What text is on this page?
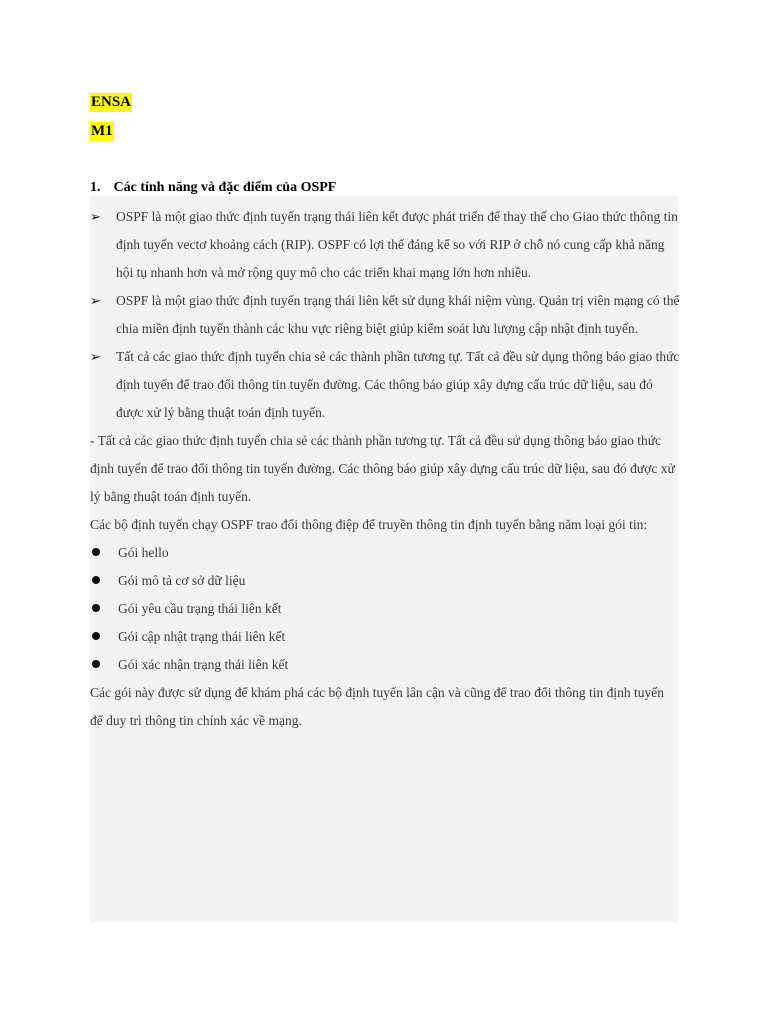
ENSA
M1
1. Các tính năng và đặc điểm của OSPF
➢ OSPF là một giao thức định tuyến trạng thái liên kết được phát triển để thay thế cho Giao thức thông tin định tuyến vectơ khoảng cách (RIP). OSPF có lợi thế đáng kể so với RIP ở chỗ nó cung cấp khả năng hội tụ nhanh hơn và mở rộng quy mô cho các triển khai mạng lớn hơn nhiều.
➢ OSPF là một giao thức định tuyến trạng thái liên kết sử dụng khái niệm vùng. Quản trị viên mạng có thể chia miền định tuyến thành các khu vực riêng biệt giúp kiểm soát lưu lượng cập nhật định tuyến.
➢ Tất cả các giao thức định tuyến chia sẻ các thành phần tương tự. Tất cả đều sử dụng thông báo giao thức định tuyến để trao đổi thông tin tuyến đường. Các thông báo giúp xây dựng cấu trúc dữ liệu, sau đó được xử lý bằng thuật toán định tuyến.

- Tất cả các giao thức định tuyến chia sẻ các thành phần tương tự. Tất cả đều sử dụng thông báo giao thức định tuyến để trao đổi thông tin tuyến đường. Các thông báo giúp xây dựng cấu trúc dữ liệu, sau đó được xử lý bằng thuật toán định tuyến.

Các bộ định tuyến chạy OSPF trao đổi thông điệp để truyền thông tin định tuyến bằng năm loại gói tin:

Gói hello
Gói mô tả cơ sở dữ liệu
Gói yêu cầu trạng thái liên kết
Gói cập nhật trạng thái liên kết
Gói xác nhận trạng thái liên kết

Các gói này được sử dụng để khám phá các bộ định tuyến lân cận và cũng để trao đổi thông tin định tuyến để duy trì thông tin chính xác về mạng.
